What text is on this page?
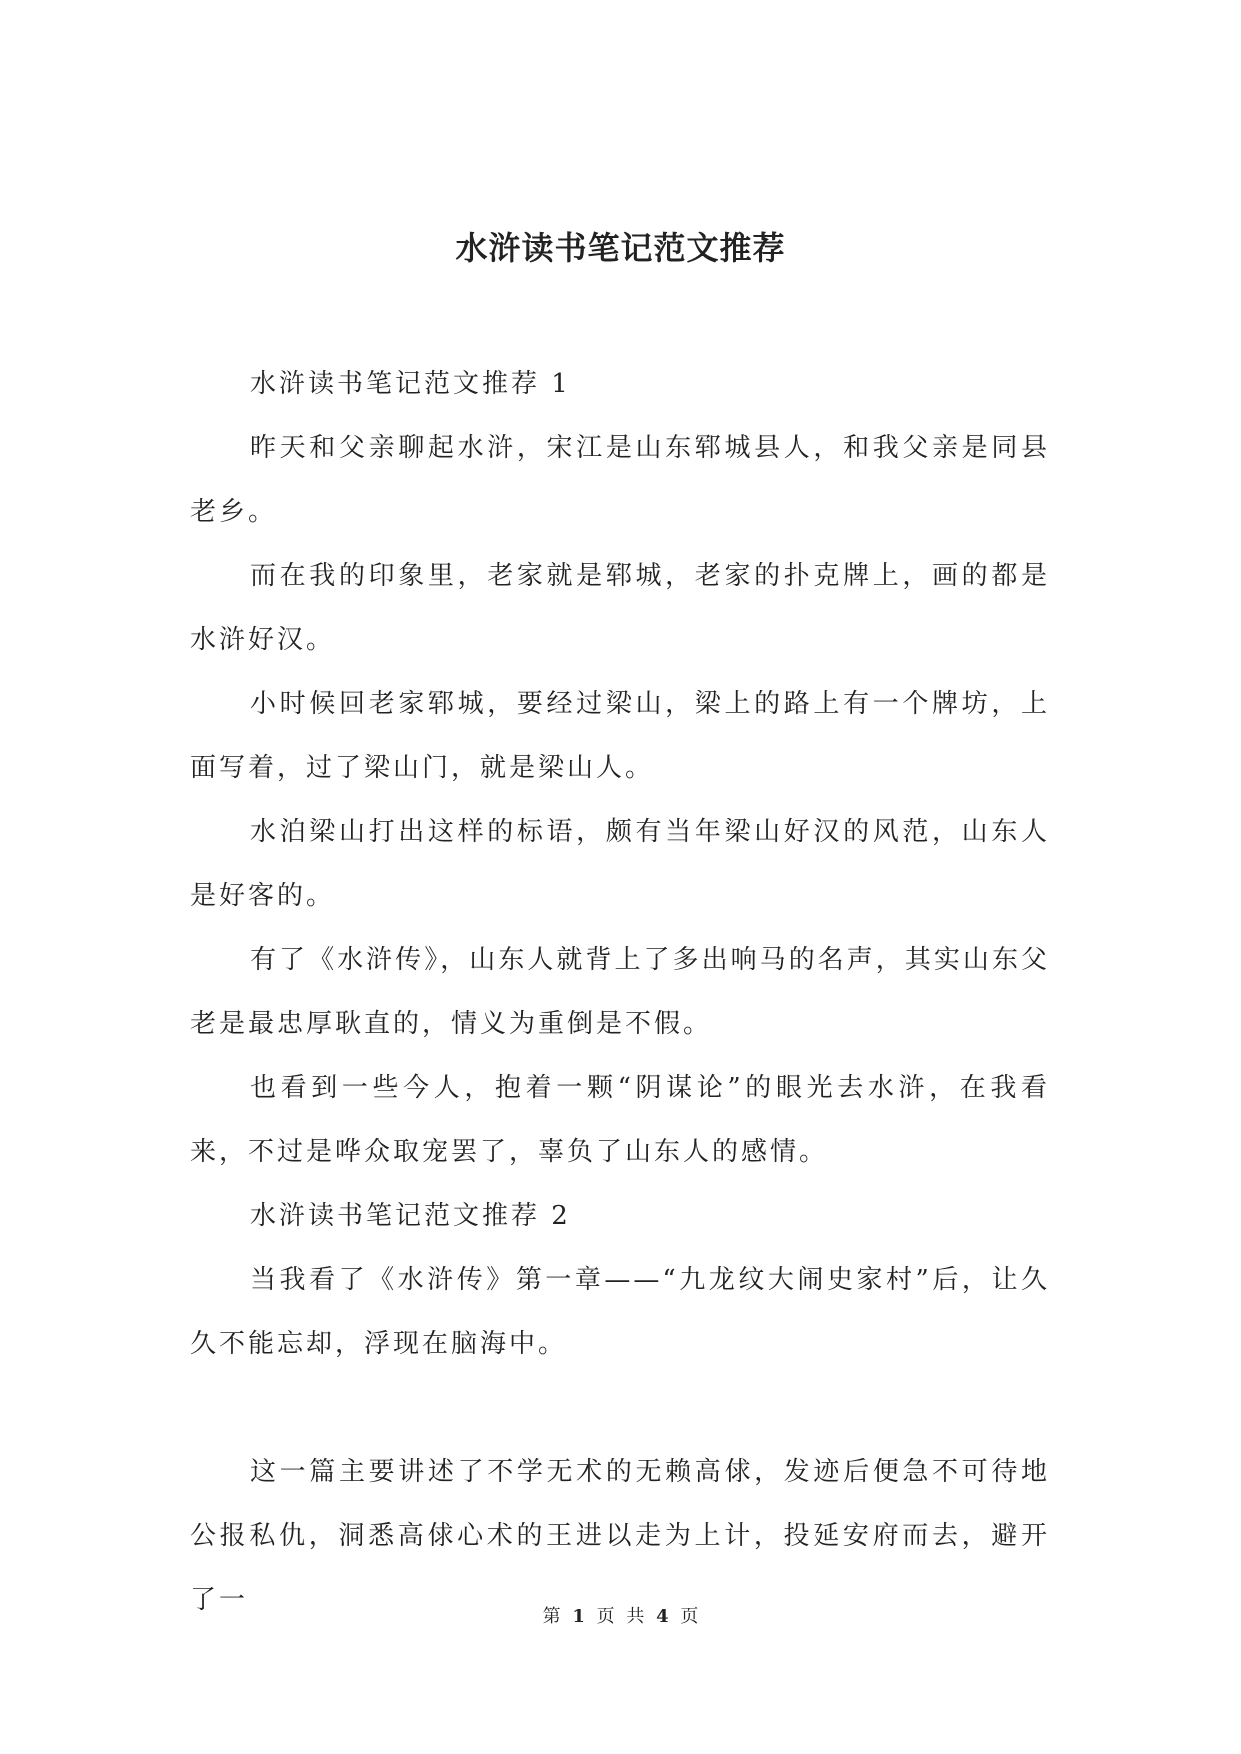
水浒读书笔记范文推荐

水浒读书笔记范文推荐 1

昨天和父亲聊起水浒，宋江是山东郓城县人，和我父亲是同县老乡。

而在我的印象里，老家就是郓城，老家的扑克牌上，画的都是水浒好汉。

小时候回老家郓城，要经过梁山，梁上的路上有一个牌坊，上面写着，过了梁山门，就是梁山人。

水泊梁山打出这样的标语，颇有当年梁山好汉的风范，山东人是好客的。

有了《水浒传》，山东人就背上了多出响马的名声，其实山东父老是最忠厚耿直的，情义为重倒是不假。

也看到一些今人，抱着一颗“阴谋论”的眼光去水浒，在我看来，不过是哗众取宠罢了，辜负了山东人的感情。

水浒读书笔记范文推荐 2

当我看了《水浒传》第一章——“九龙纹大闹史家村”后，让久久不能忘却，浮现在脑海中。

这一篇主要讲述了不学无术的无赖高俅，发迹后便急不可待地公报私仇，洞悉高俅心术的王进以走为上计，投延安府而去，避开了一

第 1 页 共 4 页
